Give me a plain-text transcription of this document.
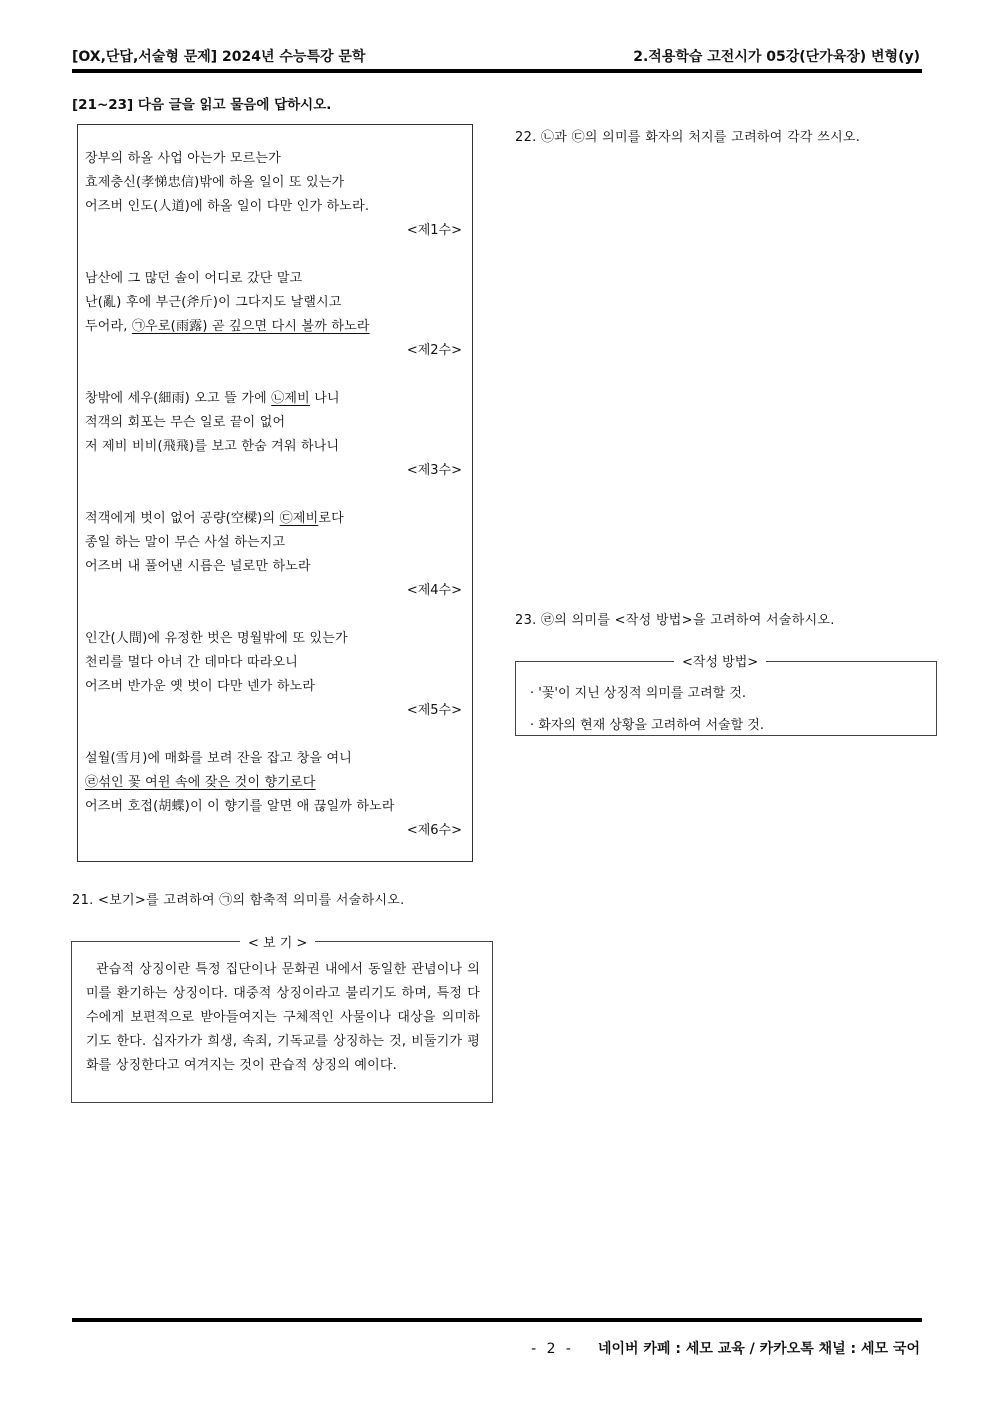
[OX,단답,서술형 문제] 2024년 수능특강 문학	2.적용학습 고전시가 05강(단가육장) 변형(y)
[21~23] 다음 글을 읽고 물음에 답하시오.
장부의 하올 사업 아는가 모르는가
효제충신(孝悌忠信)밖에 하올 일이 또 있는가
어즈버 인도(人道)에 하올 일이 다만 인가 하노라.
<제1수>
남산에 그 많던 솔이 어디로 갔단 말고
난(亂) 후에 부근(斧斤)이 그다지도 날랠시고
두어라, ㉠우로(雨露) 곧 깊으면 다시 볼까 하노라
<제2수>
창밖에 세우(細雨) 오고 뜰 가에 ㉡제비 나니
적객의 회포는 무슨 일로 끝이 없어
저 제비 비비(飛飛)를 보고 한숨 겨워 하나니
<제3수>
적객에게 벗이 없어 공량(空樑)의 ㉢제비로다
종일 하는 말이 무슨 사설 하는지고
어즈버 내 풀어낸 시름은 널로만 하노라
<제4수>
인간(人間)에 유정한 벗은 명월밖에 또 있는가
천리를 멀다 아녀 간 데마다 따라오니
어즈버 반가운 옛 벗이 다만 넨가 하노라
<제5수>
설월(雪月)에 매화를 보려 잔을 잡고 창을 여니
㉣섞인 꽃 여윈 속에 잦은 것이 향기로다
어즈버 호접(胡蝶)이 이 향기를 알면 애 끊일까 하노라
<제6수>
21. <보기>를 고려하여 ㉠의 함축적 의미를 서술하시오.
< 보 기 >
관습적 상징이란 특정 집단이나 문화권 내에서 동일한 관념이나 의미를 환기하는 상징이다. 대중적 상징이라고 불리기도 하며, 특정 다수에게 보편적으로 받아들여지는 구체적인 사물이나 대상을 의미하기도 한다. 십자가가 희생, 속죄, 기독교를 상징하는 것, 비둘기가 평화를 상징한다고 여겨지는 것이 관습적 상징의 예이다.
22. ㉡과 ㉢의 의미를 화자의 처지를 고려하여 각각 쓰시오.
23. ㉣의 의미를 <작성 방법>을 고려하여 서술하시오.
<작성 방법>
· '꽃'이 지닌 상징적 의미를 고려할 것.
· 화자의 현재 상황을 고려하여 서술할 것.
- 2 - 네이버 카페 : 세모 교육 / 카카오톡 채널 : 세모 국어
